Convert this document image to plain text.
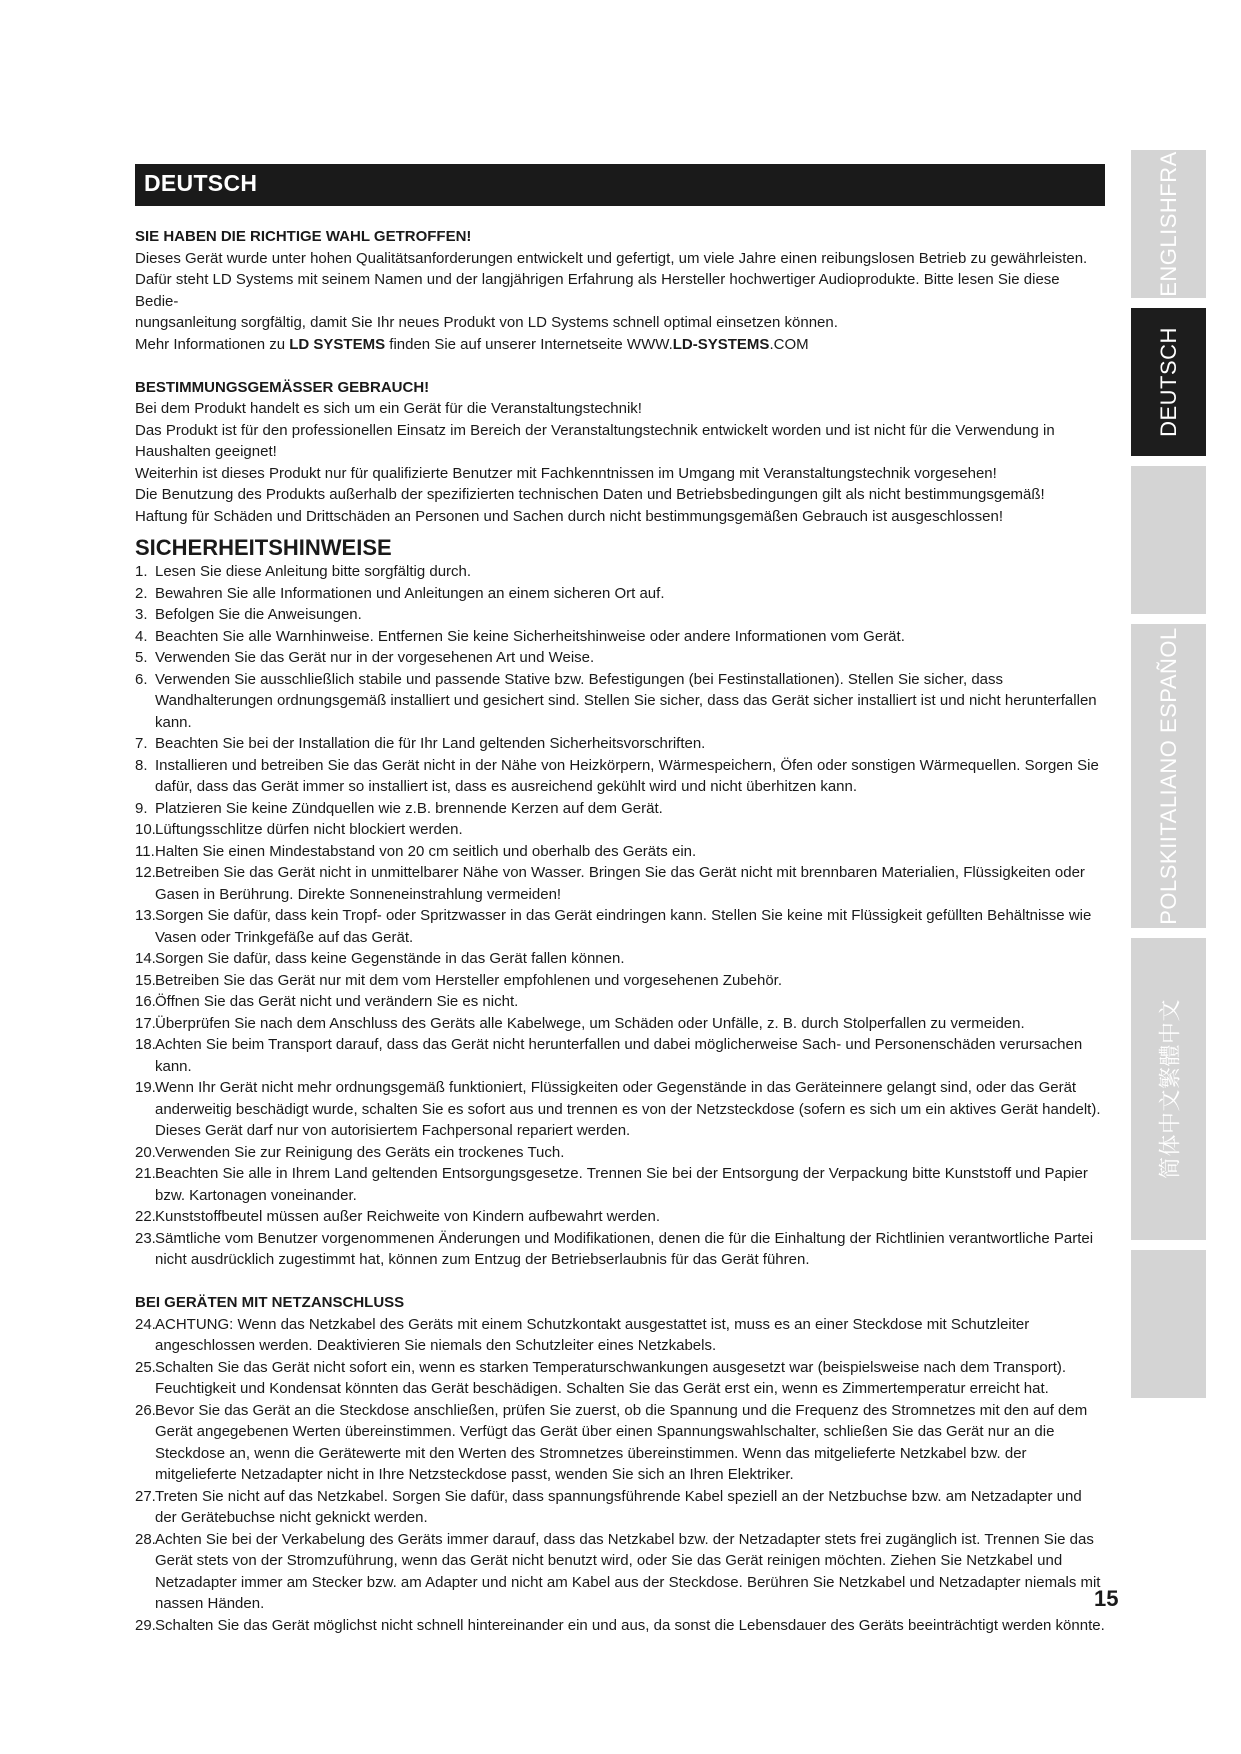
DEUTSCH
SIE HABEN DIE RICHTIGE WAHL GETROFFEN!

Dieses Gerät wurde unter hohen Qualitätsanforderungen entwickelt und gefertigt, um viele Jahre einen reibungslosen Betrieb zu gewährleisten.

Dafür steht LD Systems mit seinem Namen und der langjährigen Erfahrung als Hersteller hochwertiger Audioprodukte. Bitte lesen Sie diese Bedie-

nungsanleitung sorgfältig, damit Sie Ihr neues Produkt von LD Systems schnell optimal einsetzen können.

Mehr Informationen zu LD SYSTEMS finden Sie auf unserer Internetseite WWW.LD-SYSTEMS.COM

BESTIMMUNGSGEMÄSSER GEBRAUCH!

Bei dem Produkt handelt es sich um ein Gerät für die Veranstaltungstechnik!

Das Produkt ist für den professionellen Einsatz im Bereich der Veranstaltungstechnik entwickelt worden und ist nicht für die Verwendung in

Haushalten geeignet!

Weiterhin ist dieses Produkt nur für qualifizierte Benutzer mit Fachkenntnissen im Umgang mit Veranstaltungstechnik vorgesehen!

Die Benutzung des Produkts außerhalb der spezifizierten technischen Daten und Betriebsbedingungen gilt als nicht bestimmungsgemäß!

Haftung für Schäden und Drittschäden an Personen und Sachen durch nicht bestimmungsgemäßen Gebrauch ist ausgeschlossen!

SICHERHEITSHINWEISE
1. Lesen Sie diese Anleitung bitte sorgfältig durch.
2. Bewahren Sie alle Informationen und Anleitungen an einem sicheren Ort auf.
3. Befolgen Sie die Anweisungen.
4. Beachten Sie alle Warnhinweise. Entfernen Sie keine Sicherheitshinweise oder andere Informationen vom Gerät.
5. Verwenden Sie das Gerät nur in der vorgesehenen Art und Weise.
6. Verwenden Sie ausschließlich stabile und passende Stative bzw. Befestigungen (bei Festinstallationen). Stellen Sie sicher, dass Wandhalterungen ordnungsgemäß installiert und gesichert sind. Stellen Sie sicher, dass das Gerät sicher installiert ist und nicht herunterfallen kann.
7. Beachten Sie bei der Installation die für Ihr Land geltenden Sicherheitsvorschriften.
8. Installieren und betreiben Sie das Gerät nicht in der Nähe von Heizkörpern, Wärmespeichern, Öfen oder sonstigen Wärmequellen. Sorgen Sie dafür, dass das Gerät immer so installiert ist, dass es ausreichend gekühlt wird und nicht überhitzen kann.
9. Platzieren Sie keine Zündquellen wie z.B. brennende Kerzen auf dem Gerät.
10. Lüftungsschlitze dürfen nicht blockiert werden.
11. Halten Sie einen Mindestabstand von 20 cm seitlich und oberhalb des Geräts ein.
12. Betreiben Sie das Gerät nicht in unmittelbarer Nähe von Wasser. Bringen Sie das Gerät nicht mit brennbaren Materialien, Flüssigkeiten oder Gasen in Berührung. Direkte Sonneneinstrahlung vermeiden!
13. Sorgen Sie dafür, dass kein Tropf- oder Spritzwasser in das Gerät eindringen kann. Stellen Sie keine mit Flüssigkeit gefüllten Behältnisse wie Vasen oder Trinkgefäße auf das Gerät.
14. Sorgen Sie dafür, dass keine Gegenstände in das Gerät fallen können.
15. Betreiben Sie das Gerät nur mit dem vom Hersteller empfohlenen und vorgesehenen Zubehör.
16. Öffnen Sie das Gerät nicht und verändern Sie es nicht.
17. Überprüfen Sie nach dem Anschluss des Geräts alle Kabelwege, um Schäden oder Unfälle, z. B. durch Stolperfallen zu vermeiden.
18. Achten Sie beim Transport darauf, dass das Gerät nicht herunterfallen und dabei möglicherweise Sach- und Personenschäden verursachen kann.
19. Wenn Ihr Gerät nicht mehr ordnungsgemäß funktioniert, Flüssigkeiten oder Gegenstände in das Geräteinnere gelangt sind, oder das Gerät anderweitig beschädigt wurde, schalten Sie es sofort aus und trennen es von der Netzsteckdose (sofern es sich um ein aktives Gerät handelt). Dieses Gerät darf nur von autorisiertem Fachpersonal repariert werden.
20. Verwenden Sie zur Reinigung des Geräts ein trockenes Tuch.
21. Beachten Sie alle in Ihrem Land geltenden Entsorgungsgesetze. Trennen Sie bei der Entsorgung der Verpackung bitte Kunststoff und Papier bzw. Kartonagen voneinander.
22. Kunststoffbeutel müssen außer Reichweite von Kindern aufbewahrt werden.
23. Sämtliche vom Benutzer vorgenommenen Änderungen und Modifikationen, denen die für die Einhaltung der Richtlinien verantwortliche Partei nicht ausdrücklich zugestimmt hat, können zum Entzug der Betriebserlaubnis für das Gerät führen.
BEI GERÄTEN MIT NETZANSCHLUSS
24. ACHTUNG: Wenn das Netzkabel des Geräts mit einem Schutzkontakt ausgestattet ist, muss es an einer Steckdose mit Schutzleiter angeschlossen werden. Deaktivieren Sie niemals den Schutzleiter eines Netzkabels.
25. Schalten Sie das Gerät nicht sofort ein, wenn es starken Temperaturschwankungen ausgesetzt war (beispielsweise nach dem Transport). Feuchtigkeit und Kondensat könnten das Gerät beschädigen. Schalten Sie das Gerät erst ein, wenn es Zimmertemperatur erreicht hat.
26. Bevor Sie das Gerät an die Steckdose anschließen, prüfen Sie zuerst, ob die Spannung und die Frequenz des Stromnetzes mit den auf dem Gerät angegebenen Werten übereinstimmen. Verfügt das Gerät über einen Spannungswahlschalter, schließen Sie das Gerät nur an die Steckdose an, wenn die Gerätewerte mit den Werten des Stromnetzes übereinstimmen. Wenn das mitgelieferte Netzkabel bzw. der mitgelieferte Netzadapter nicht in Ihre Netzsteckdose passt, wenden Sie sich an Ihren Elektriker.
27. Treten Sie nicht auf das Netzkabel. Sorgen Sie dafür, dass spannungsführende Kabel speziell an der Netzbuchse bzw. am Netzadapter und der Gerätebuchse nicht geknickt werden.
28. Achten Sie bei der Verkabelung des Geräts immer darauf, dass das Netzkabel bzw. der Netzadapter stets frei zugänglich ist. Trennen Sie das Gerät stets von der Stromzuführung, wenn das Gerät nicht benutzt wird, oder Sie das Gerät reinigen möchten. Ziehen Sie Netzkabel und Netzadapter immer am Stecker bzw. am Adapter und nicht am Kabel aus der Steckdose. Berühren Sie Netzkabel und Netzadapter niemals mit nassen Händen.
29. Schalten Sie das Gerät möglichst nicht schnell hintereinander ein und aus, da sonst die Lebensdauer des Geräts beeinträchtigt werden könnte.
ENGLISHFRA
DEUTSCH
POLSKIITALIANO ESPAÑOL
简体中文繁體中文
15
